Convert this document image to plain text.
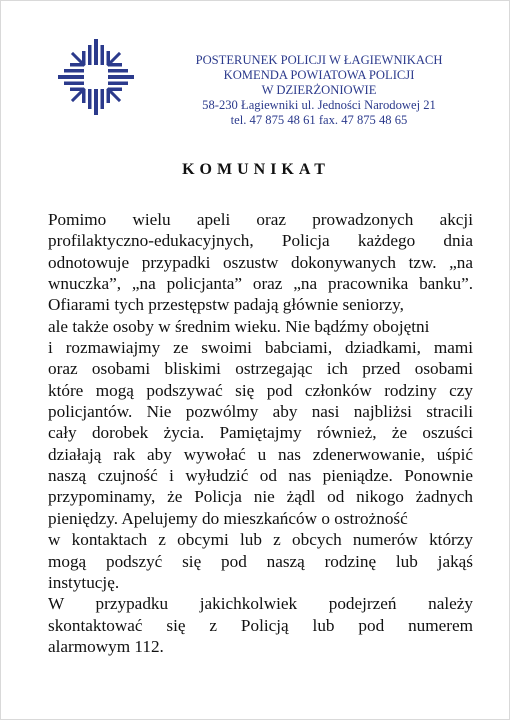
POSTERUNEK POLICJI W ŁAGIEWNIKACH
KOMENDA POWIATOWA POLICJI
W DZIERŻONIOWIE
58-230 Łagiewniki ul. Jedności Narodowej 21
tel. 47 875 48 61 fax. 47 875 48 65
KOMUNIKAT
Pomimo wielu apeli oraz prowadzonych akcji
profilaktyczno-edukacyjnych, Policja każdego dnia
odnotowuje przypadki oszustw dokonywanych tzw. „na
wnuczka”, „na policjanta” oraz „na pracownika banku”.
Ofiarami tych przestępstw padają głównie seniorzy,
ale także osoby w średnim wieku. Nie bądźmy obojętni
i rozmawiajmy ze swoimi babciami, dziadkami, mami
oraz osobami bliskimi ostrzegając ich przed osobami
które mogą podszywać się pod członków rodziny czy
policjantów. Nie pozwólmy aby nasi najbliżsi stracili
cały dorobek życia. Pamiętajmy również, że oszuści
działają rak aby wywołać u nas zdenerwowanie, uśpić
naszą czujność i wyłudzić od nas pieniądze. Ponownie
przypominamy, że Policja nie żądl od nikogo żadnych
pieniędzy. Apelujemy do mieszkańców o ostrożność
w kontaktach z obcymi lub z obcych numerów którzy
mogą podszyć się pod naszą rodzinę lub jakąś
instytucję.
W przypadku jakichkolwiek podejrzeń należy
skontaktować się z Policją lub pod numerem
alarmowym 112.
